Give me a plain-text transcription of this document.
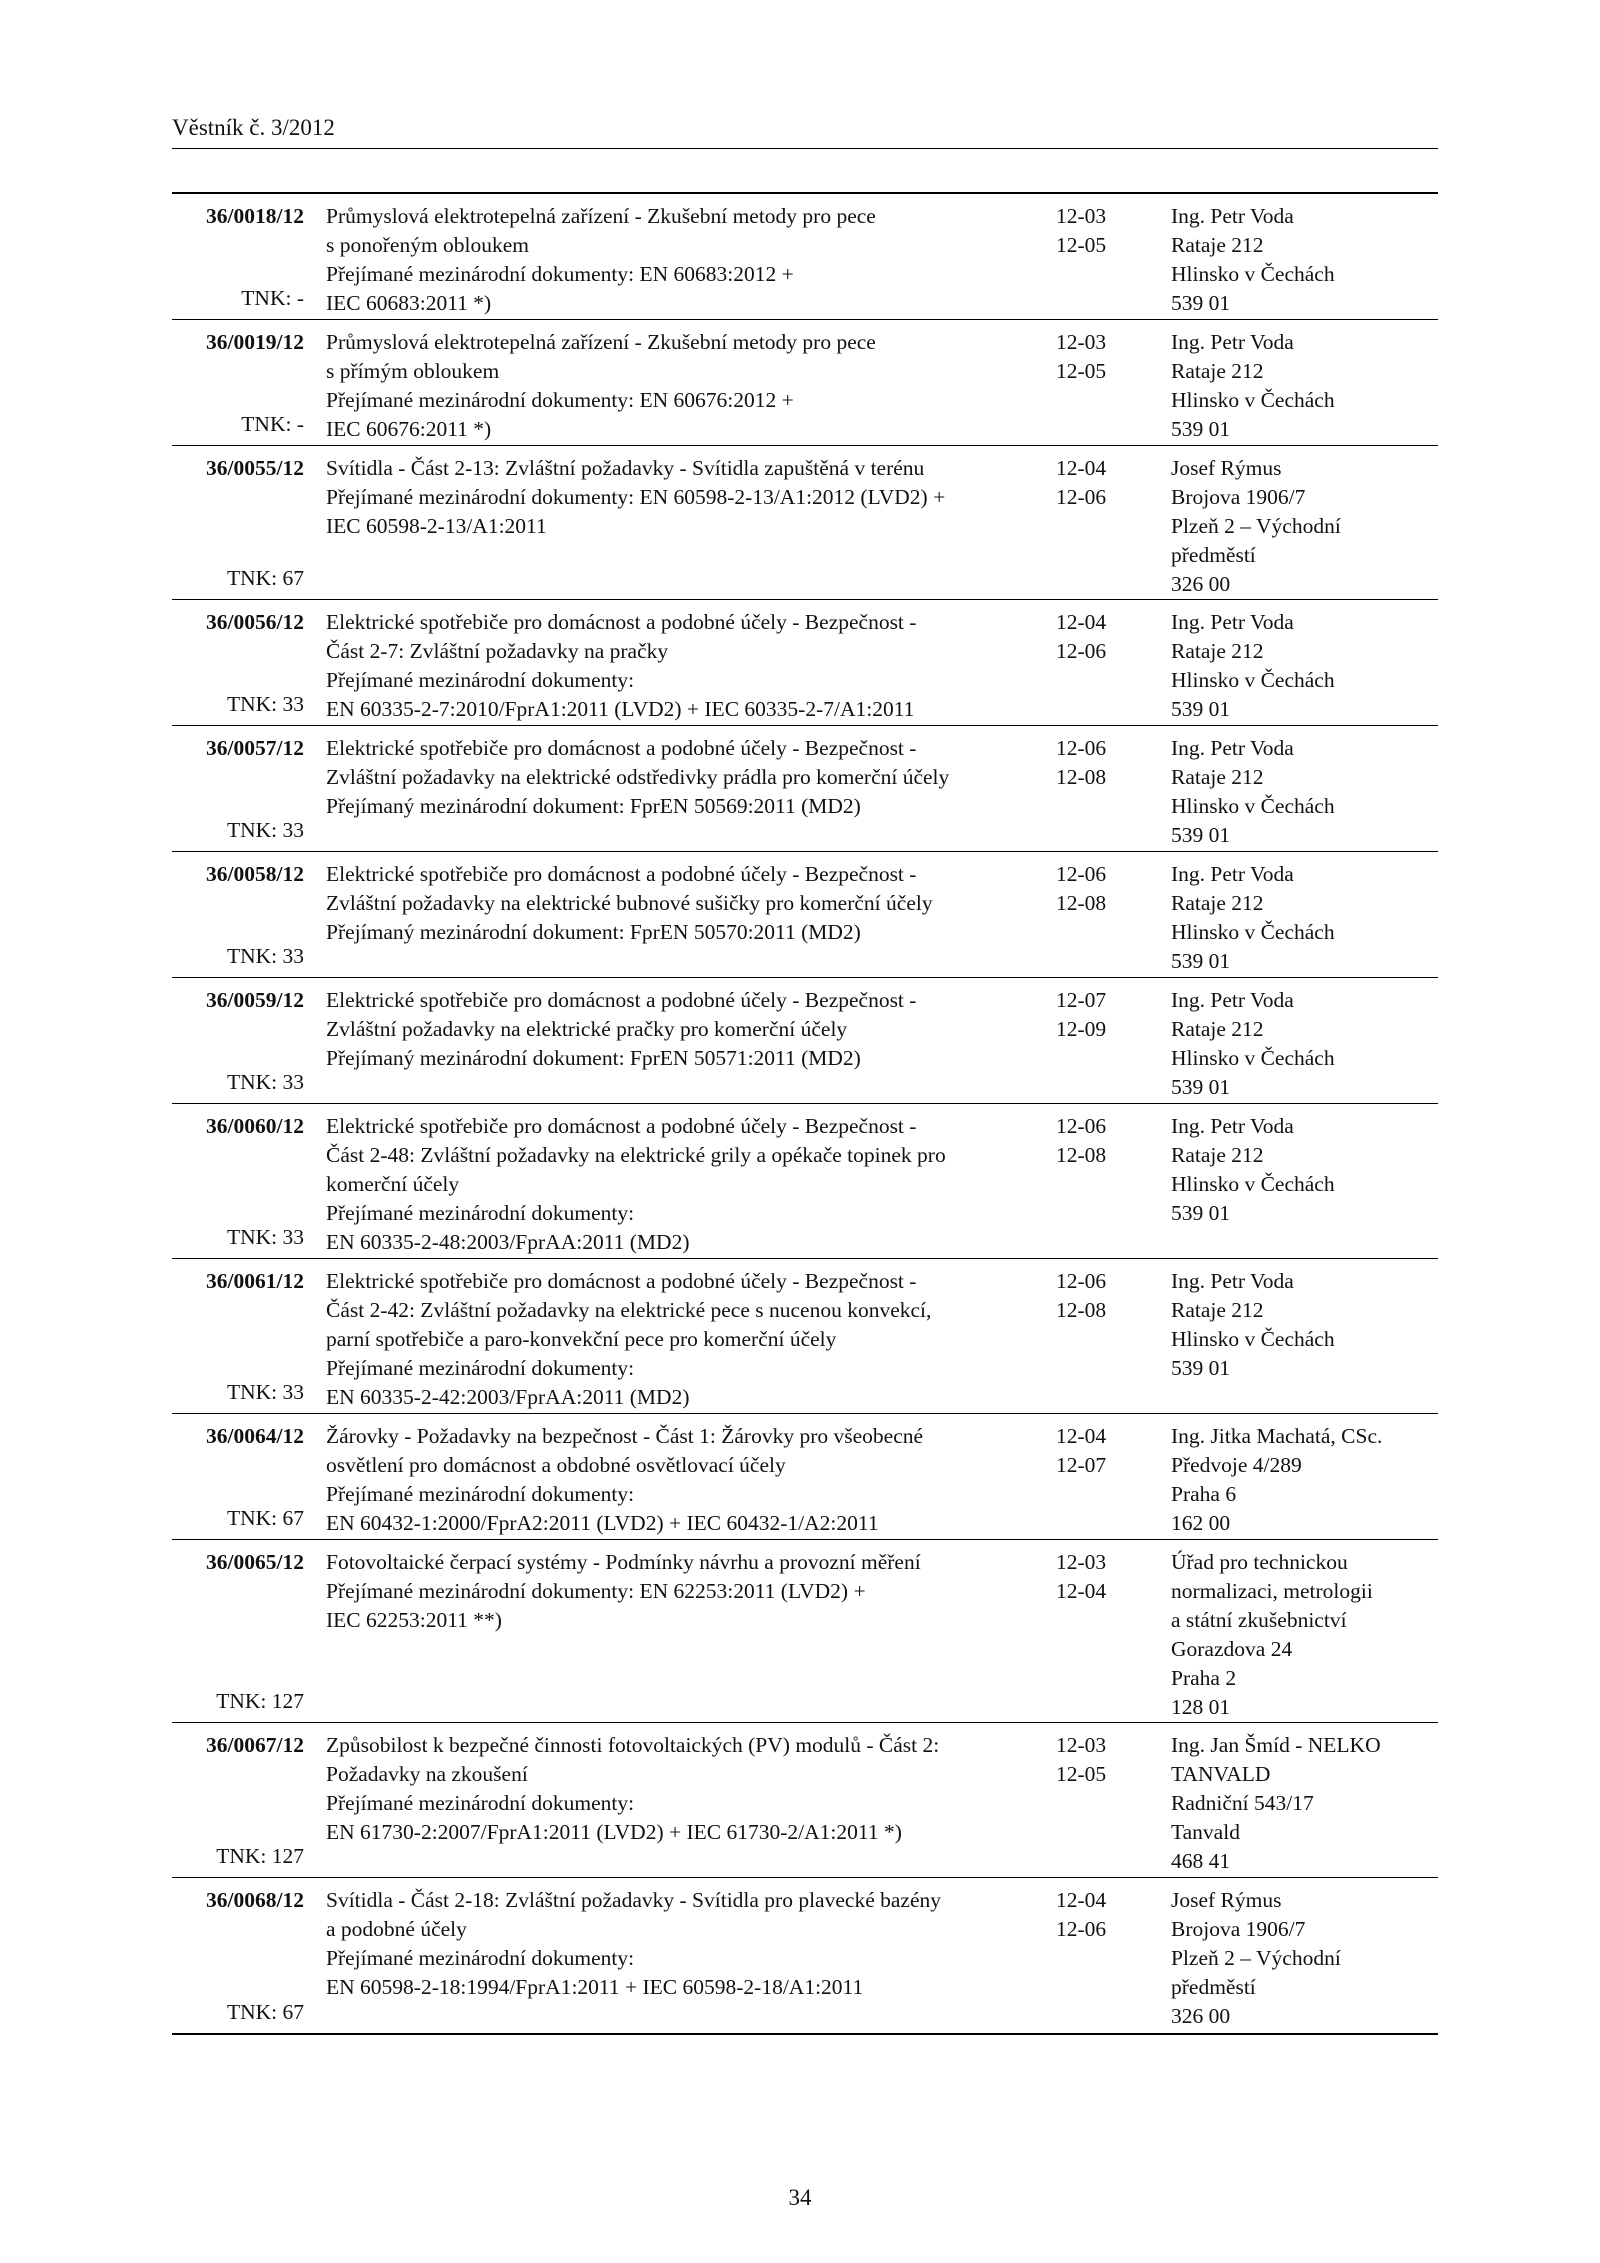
Věstník č. 3/2012
36/0018/12
TNK: -
Průmyslová elektrotepelná zařízení - Zkušební metody pro pece
s ponořeným obloukem
Přejímané mezinárodní dokumenty: EN 60683:2012 +
IEC 60683:2011 *)
12-03
12-05
Ing. Petr Voda
Rataje 212
Hlinsko v Čechách
539 01
36/0019/12
TNK: -
Průmyslová elektrotepelná zařízení - Zkušební metody pro pece
s přímým obloukem
Přejímané mezinárodní dokumenty: EN 60676:2012 +
IEC 60676:2011 *)
12-03
12-05
Ing. Petr Voda
Rataje 212
Hlinsko v Čechách
539 01
36/0055/12
TNK: 67
Svítidla - Část 2-13: Zvláštní požadavky - Svítidla zapuštěná v terénu
Přejímané mezinárodní dokumenty: EN 60598-2-13/A1:2012 (LVD2) +
IEC 60598-2-13/A1:2011
12-04
12-06
Josef Rýmus
Brojova 1906/7
Plzeň 2 – Východní
předměstí
326 00
36/0056/12
TNK: 33
Elektrické spotřebiče pro domácnost a podobné účely - Bezpečnost -
Část 2-7: Zvláštní požadavky na pračky
Přejímané mezinárodní dokumenty:
EN 60335-2-7:2010/FprA1:2011 (LVD2) + IEC 60335-2-7/A1:2011
12-04
12-06
Ing. Petr Voda
Rataje 212
Hlinsko v Čechách
539 01
36/0057/12
TNK: 33
Elektrické spotřebiče pro domácnost a podobné účely - Bezpečnost -
Zvláštní požadavky na elektrické odstředivky prádla pro komerční účely
Přejímaný mezinárodní dokument: FprEN 50569:2011 (MD2)
12-06
12-08
Ing. Petr Voda
Rataje 212
Hlinsko v Čechách
539 01
36/0058/12
TNK: 33
Elektrické spotřebiče pro domácnost a podobné účely - Bezpečnost -
Zvláštní požadavky na elektrické bubnové sušičky pro komerční účely
Přejímaný mezinárodní dokument: FprEN 50570:2011 (MD2)
12-06
12-08
Ing. Petr Voda
Rataje 212
Hlinsko v Čechách
539 01
36/0059/12
TNK: 33
Elektrické spotřebiče pro domácnost a podobné účely - Bezpečnost -
Zvláštní požadavky na elektrické pračky pro komerční účely
Přejímaný mezinárodní dokument: FprEN 50571:2011 (MD2)
12-07
12-09
Ing. Petr Voda
Rataje 212
Hlinsko v Čechách
539 01
36/0060/12
TNK: 33
Elektrické spotřebiče pro domácnost a podobné účely - Bezpečnost -
Část 2-48: Zvláštní požadavky na elektrické grily a opékače topinek pro
komerční účely
Přejímané mezinárodní dokumenty:
EN 60335-2-48:2003/FprAA:2011 (MD2)
12-06
12-08
Ing. Petr Voda
Rataje 212
Hlinsko v Čechách
539 01
36/0061/12
TNK: 33
Elektrické spotřebiče pro domácnost a podobné účely - Bezpečnost -
Část 2-42: Zvláštní požadavky na elektrické pece s nucenou konvekcí,
parní spotřebiče a paro-konvekční pece pro komerční účely
Přejímané mezinárodní dokumenty:
EN 60335-2-42:2003/FprAA:2011 (MD2)
12-06
12-08
Ing. Petr Voda
Rataje 212
Hlinsko v Čechách
539 01
36/0064/12
TNK: 67
Žárovky - Požadavky na bezpečnost - Část 1: Žárovky pro všeobecné
osvětlení pro domácnost a obdobné osvětlovací účely
Přejímané mezinárodní dokumenty:
EN 60432-1:2000/FprA2:2011 (LVD2) + IEC 60432-1/A2:2011
12-04
12-07
Ing. Jitka Machatá, CSc.
Předvoje 4/289
Praha 6
162 00
36/0065/12
TNK: 127
Fotovoltaické čerpací systémy - Podmínky návrhu a provozní měření
Přejímané mezinárodní dokumenty: EN 62253:2011 (LVD2) +
IEC 62253:2011 **)
12-03
12-04
Úřad pro technickou
normalizaci, metrologii
a státní zkušebnictví
Gorazdova 24
Praha 2
128 01
36/0067/12
TNK: 127
Způsobilost k bezpečné činnosti fotovoltaických (PV) modulů - Část 2:
Požadavky na zkoušení
Přejímané mezinárodní dokumenty:
EN 61730-2:2007/FprA1:2011 (LVD2) + IEC 61730-2/A1:2011 *)
12-03
12-05
Ing. Jan Šmíd - NELKO
TANVALD
Radniční 543/17
Tanvald
468 41
36/0068/12
TNK: 67
Svítidla - Část 2-18: Zvláštní požadavky - Svítidla pro plavecké bazény
a podobné účely
Přejímané mezinárodní dokumenty:
EN 60598-2-18:1994/FprA1:2011 + IEC 60598-2-18/A1:2011
12-04
12-06
Josef Rýmus
Brojova 1906/7
Plzeň 2 – Východní
předměstí
326 00
34
